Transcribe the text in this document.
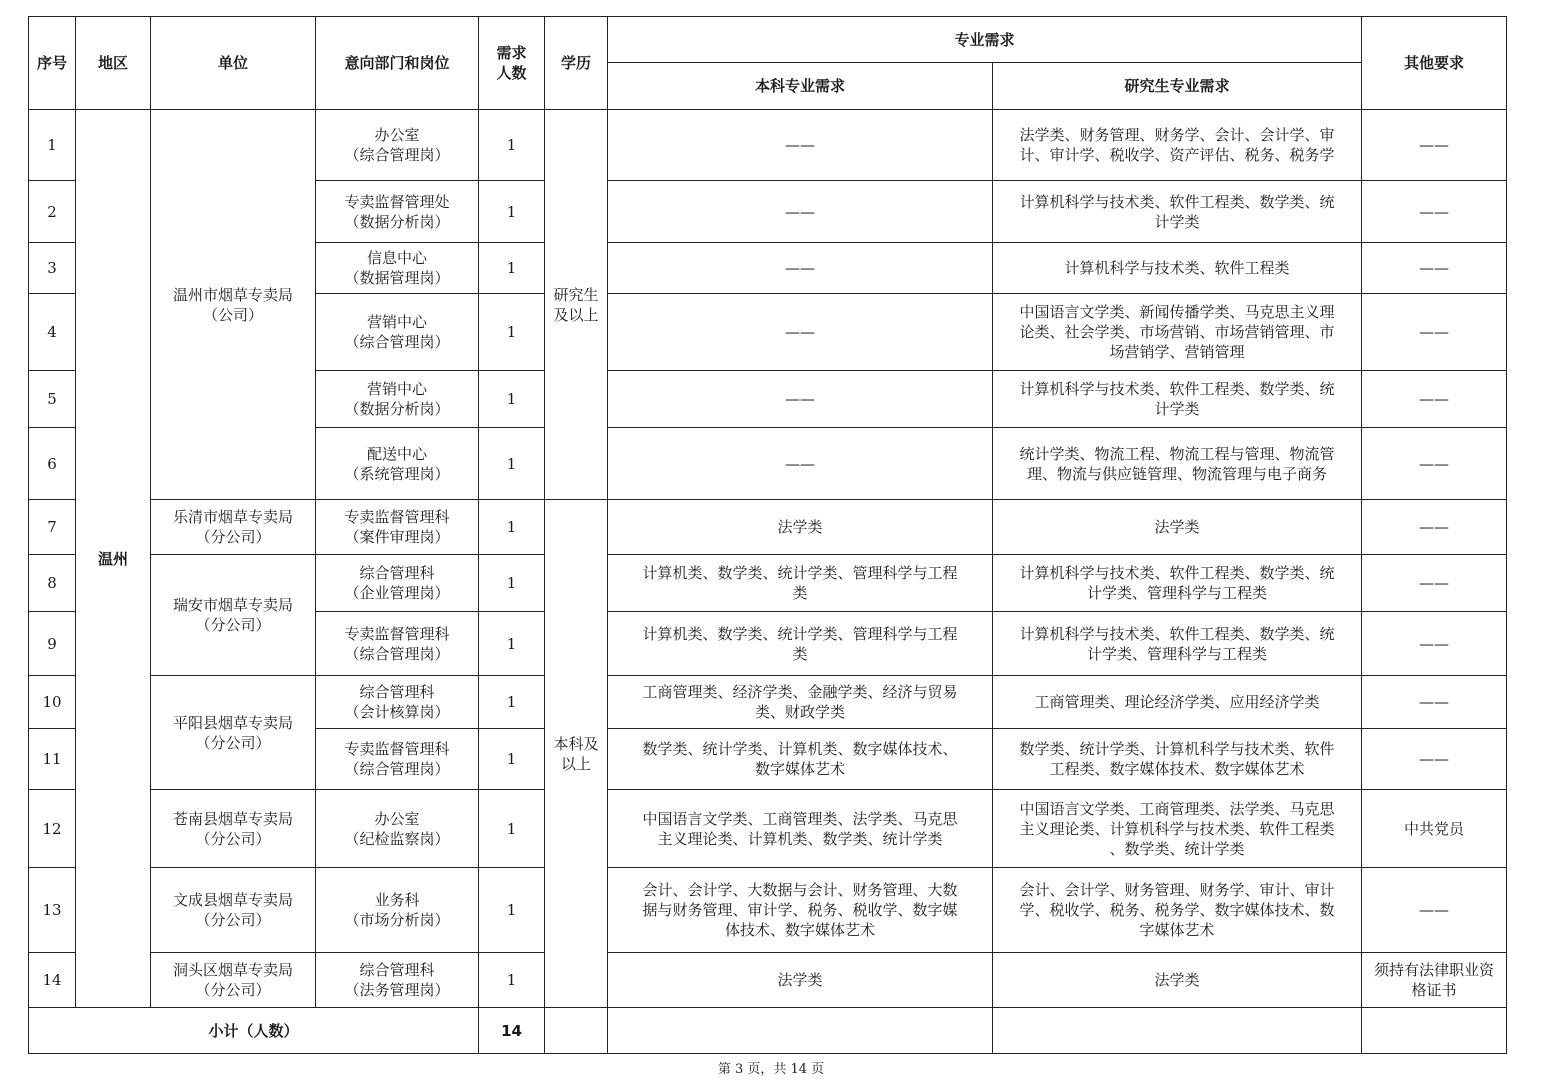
序号	地区	单位	意向部门和岗位	需求
人数	学历	专业需求		其他要求
						本科专业需求	研究生专业需求	
1	温州	温州市烟草专卖局
（公司）	办公室
（综合管理岗）	1	研究生
及以上	——	法学类、财务管理、财务学、会计、会计学、审
计、审计学、税收学、资产评估、税务、税务学	——

2			专卖监督管理处
（数据分析岗）	1		——	计算机科学与技术类、软件工程类、数学类、统
计学类	——

3			信息中心
（数据管理岗）	1		——	计算机科学与技术类、软件工程类	——

4			营销中心
（综合管理岗）	1		——	中国语言文学类、新闻传播学类、马克思主义理
论类、社会学类、市场营销、市场营销管理、市
场营销学、营销管理	——

5			营销中心
（数据分析岗）	1		——	计算机科学与技术类、软件工程类、数学类、统
计学类	——

6			配送中心
（系统管理岗）	1		——	统计学类、物流工程、物流工程与管理、物流管
理、物流与供应链管理、物流管理与电子商务	——

7		乐清市烟草专卖局
（分公司）	专卖监督管理科
（案件审理岗）	1	本科及
以上	法学类	法学类	——

8		瑞安市烟草专卖局
（分公司）	综合管理科
（企业管理岗）	1		计算机类、数学类、统计学类、管理科学与工程
类	计算机科学与技术类、软件工程类、数学类、统
计学类、管理科学与工程类	——

9			专卖监督管理科
（综合管理岗）	1		计算机类、数学类、统计学类、管理科学与工程
类	计算机科学与技术类、软件工程类、数学类、统
计学类、管理科学与工程类	——

10		平阳县烟草专卖局
（分公司）	综合管理科
（会计核算岗）	1		工商管理类、经济学类、金融学类、经济与贸易
类、财政学类	工商管理类、理论经济学类、应用经济学类	——

11			专卖监督管理科
（综合管理岗）	1		数学类、统计学类、计算机类、数字媒体技术、
数字媒体艺术	数学类、统计学类、计算机科学与技术类、软件
工程类、数字媒体技术、数字媒体艺术	——

12		苍南县烟草专卖局
（分公司）	办公室
（纪检监察岗）	1		中国语言文学类、工商管理类、法学类、马克思
主义理论类、计算机类、数学类、统计学类	中国语言文学类、工商管理类、法学类、马克思
主义理论类、计算机科学与技术类、软件工程类
、数学类、统计学类	中共党员

13		文成县烟草专卖局
（分公司）	业务科
（市场分析岗）	1		会计、会计学、大数据与会计、财务管理、大数
据与财务管理、审计学、税务、税收学、数字媒
体技术、数字媒体艺术	会计、会计学、财务管理、财务学、审计、审计
学、税收学、税务、税务学、数字媒体技术、数
字媒体艺术	——

14		洞头区烟草专卖局
（分公司）	综合管理科
（法务管理岗）	1		法学类	法学类	须持有法律职业资
格证书

小计（人数）				14				
第 3 页，共 14 页
